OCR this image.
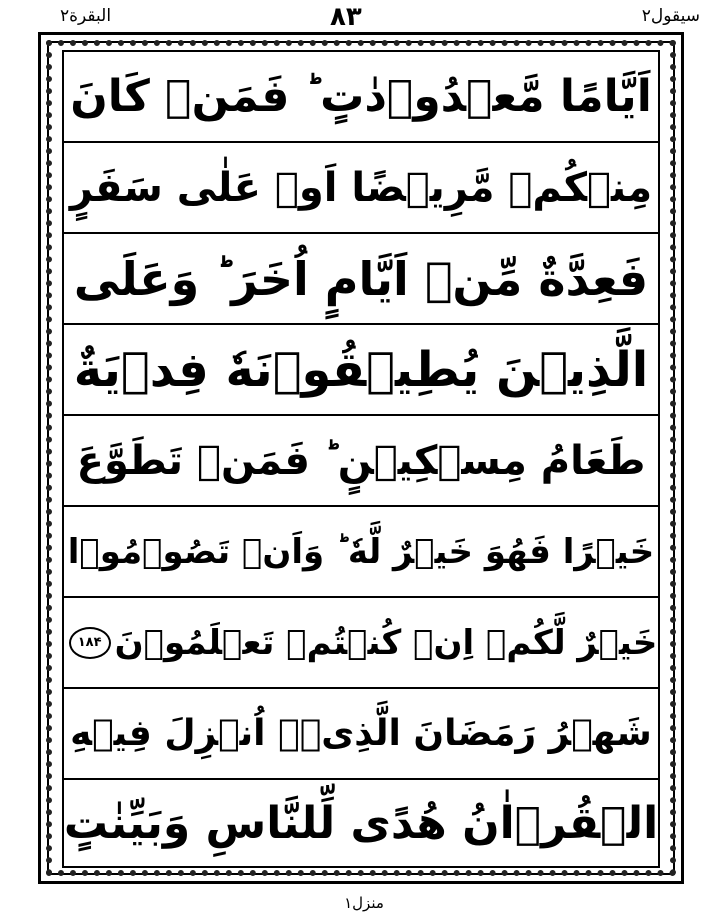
البقرة۲	۸۳	سیقول۲
اَیَّامًا مَّعۡدُوۡدٰتٍ ؕ فَمَنۡ كَانَ
مِنۡكُمۡ مَّرِیۡضًا اَوۡ عَلٰى سَفَرٍ
فَعِدَّةٌ مِّنۡ اَیَّامٍ اُخَرَ ؕ وَعَلَى
الَّذِیۡنَ یُطِیۡقُوۡنَهٗ فِدۡیَةٌ
طَعَامُ مِسۡكِیۡنٍ ؕ فَمَنۡ تَطَوَّعَ
خَیۡرًا فَهُوَ خَیۡرٌ لَّهٗ ؕ وَاَنۡ تَصُوۡمُوۡا
خَیۡرٌ لَّكُمۡ اِنۡ كُنۡتُمۡ تَعۡلَمُوۡنَ
۱۸۴
شَهۡرُ رَمَضَانَ الَّذِیۡۤ اُنۡزِلَ فِیۡهِ
الۡقُرۡاٰنُ هُدًى لِّلنَّاسِ وَبَیِّنٰتٍ
منزل۱
